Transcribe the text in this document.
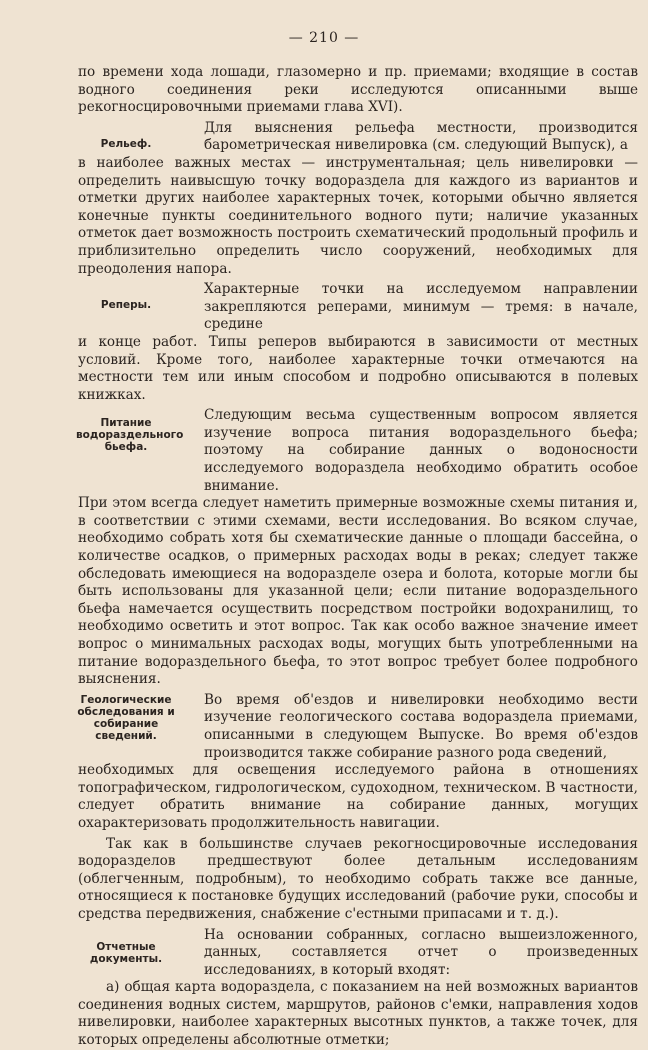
— 210 —

по времени хода лошади, глазомерно и пр. приемами; входящие в состав водного соединения реки исследуются описанными выше рекогносцировочными приемами глава XVI).

Рельеф.

Для выяснения рельефа местности, производится барометрическая нивелировка (см. следующий Выпуск), а

в наиболее важных местах — инструментальная; цель нивелировки — определить наивысшую точку водораздела для каждого из вариантов и отметки других наиболее характерных точек, которыми обычно является конечные пункты соединительного водного пути; наличие указанных отметок дает возможность построить схематический продольный профиль и приблизительно определить число сооружений, необходимых для преодоления напора.

Реперы.

Характерные точки на исследуемом направлении закрепляются реперами, минимум — тремя: в начале, средине

и конце работ. Типы реперов выбираются в зависимости от местных условий. Кроме того, наиболее характерные точки отмечаются на местности тем или иным способом и подробно описываются в полевых книжках.

Питание водораздельного бьефа.

Следующим весьма существенным вопросом является изучение вопроса питания водораздельного бьефа; поэтому на собирание данных о водоносности исследуемого водораздела необходимо обратить особое внимание.

При этом всегда следует наметить примерные возможные схемы питания и, в соответствии с этими схемами, вести исследования. Во всяком случае, необходимо собрать хотя бы схематические данные о площади бассейна, о количестве осадков, о примерных расходах воды в реках; следует также обследовать имеющиеся на водоразделе озера и болота, которые могли бы быть использованы для указанной цели; если питание водораздельного бьефа намечается осуществить посредством постройки водохранилищ, то необходимо осветить и этот вопрос. Так как особо важное значение имеет вопрос о минимальных расходах воды, могущих быть употребленными на питание водораздельного бьефа, то этот вопрос требует более подробного выяснения.

Геологические обследования и собирание сведений.

Во время об'ездов и нивелировки необходимо вести изучение геологического состава водораздела приемами, описанными в следующем Выпуске. Во время об'ездов производится также собирание разного рода сведений,

необходимых для освещения исследуемого района в отношениях топографическом, гидрологическом, судоходном, техническом. В частности, следует обратить внимание на собирание данных, могущих охарактеризовать продолжительность навигации.

Так как в большинстве случаев рекогносцировочные исследования водоразделов предшествуют более детальным исследованиям (облегченным, подробным), то необходимо собрать также все данные, относящиеся к постановке будущих исследований (рабочие руки, способы и средства передвижения, снабжение с'естными припасами и т. д.).

Отчетные документы.

На основании собранных, согласно вышеизложенного, данных, составляется отчет о произведенных исследованиях, в который входят:

а) общая карта водораздела, с показанием на ней возможных вариантов соединения водных систем, маршрутов, районов с'емки, направления ходов нивелировки, наиболее характерных высотных пунктов, а также точек, для которых определены абсолютные отметки;
